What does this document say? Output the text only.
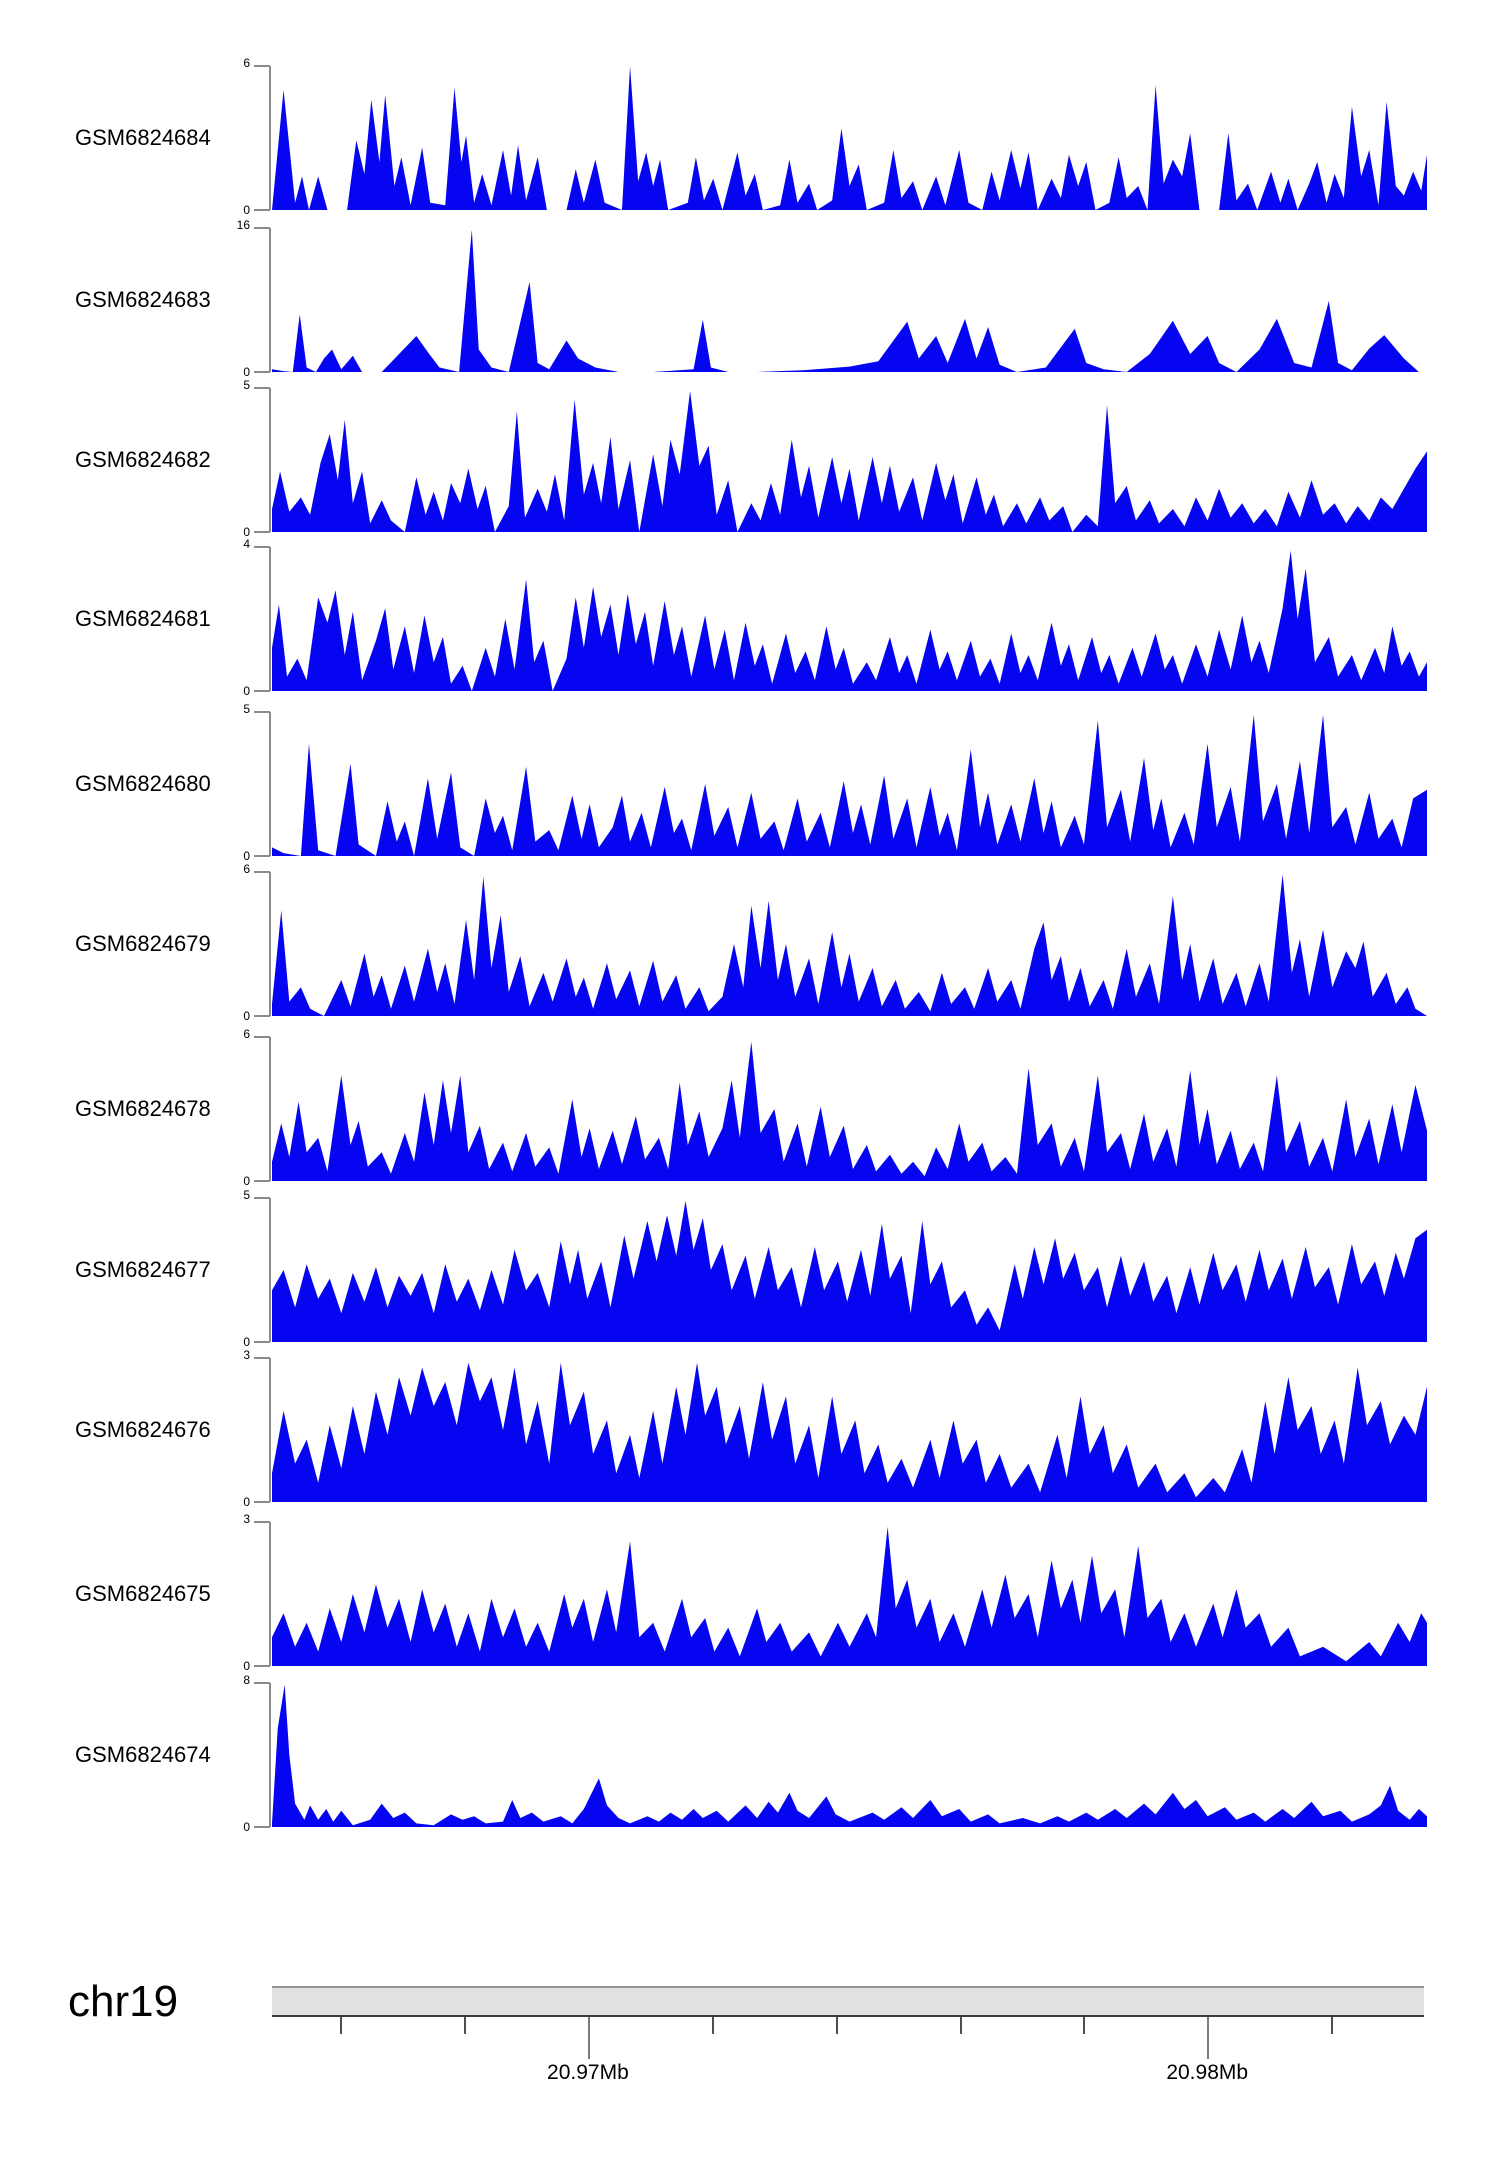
GSM6824684
6
0
GSM6824683
16
0
GSM6824682
5
0
GSM6824681
4
0
GSM6824680
5
0
GSM6824679
6
0
GSM6824678
6
0
GSM6824677
5
0
GSM6824676
3
0
GSM6824675
3
0
GSM6824674
8
0
chr19
20.97Mb	20.98Mb
